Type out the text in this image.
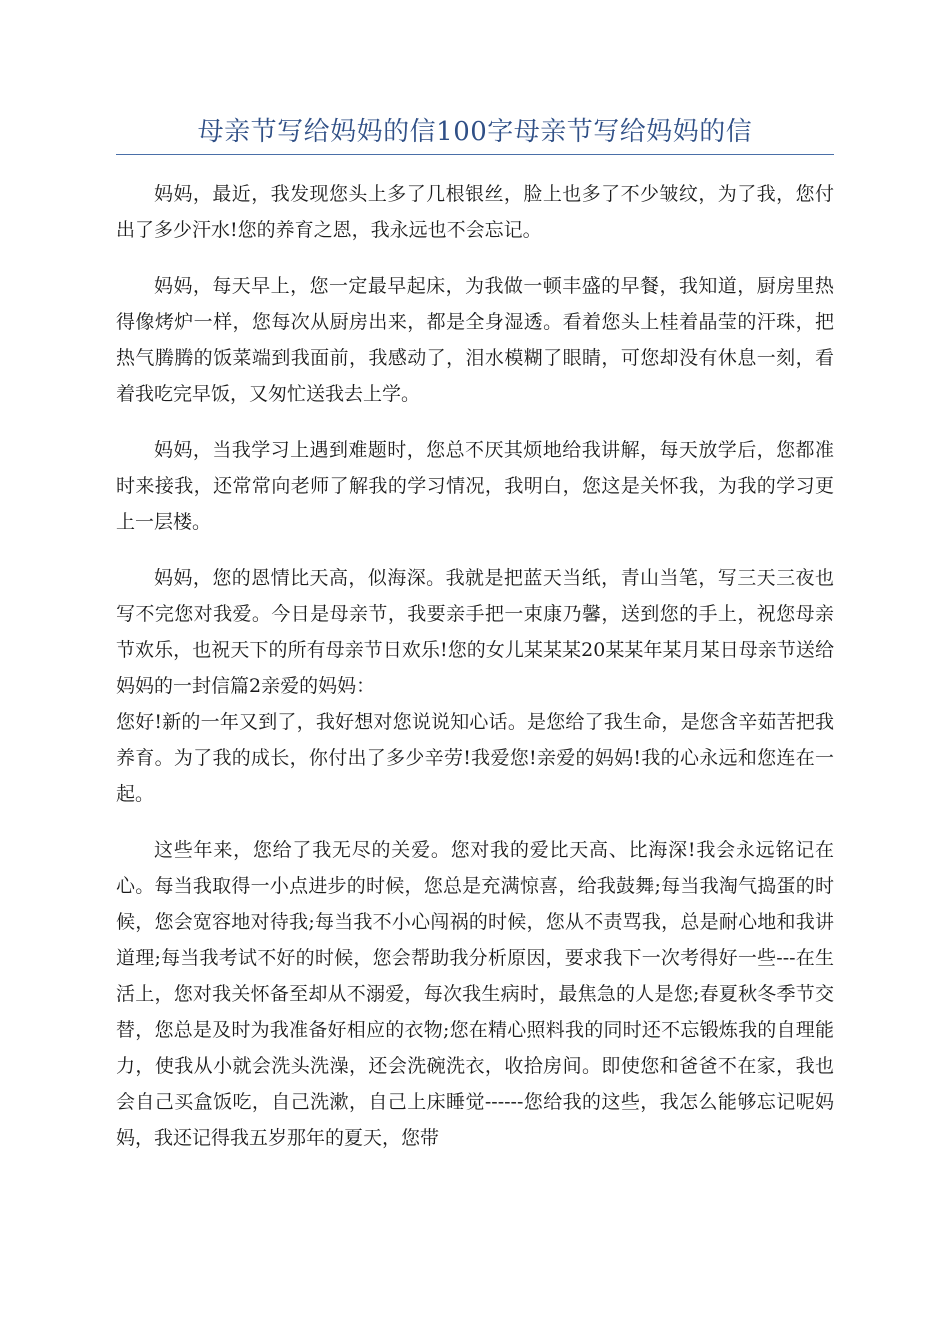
母亲节写给妈妈的信100字母亲节写给妈妈的信

妈妈，最近，我发现您头上多了几根银丝，脸上也多了不少皱纹，为了我，您付出了多少汗水!您的养育之恩，我永远也不会忘记。

妈妈，每天早上，您一定最早起床，为我做一顿丰盛的早餐，我知道，厨房里热得像烤炉一样，您每次从厨房出来，都是全身湿透。看着您头上桂着晶莹的汗珠，把热气腾腾的饭菜端到我面前，我感动了，泪水模糊了眼睛，可您却没有休息一刻，看着我吃完早饭，又匆忙送我去上学。

妈妈，当我学习上遇到难题时，您总不厌其烦地给我讲解，每天放学后，您都准时来接我，还常常向老师了解我的学习情况，我明白，您这是关怀我，为我的学习更上一层楼。

妈妈，您的恩情比天高，似海深。我就是把蓝天当纸，青山当笔，写三天三夜也写不完您对我爱。今日是母亲节，我要亲手把一束康乃馨，送到您的手上，祝您母亲节欢乐，也祝天下的所有母亲节日欢乐!您的女儿某某某20某某年某月某日母亲节送给妈妈的一封信篇2亲爱的妈妈：

您好!新的一年又到了，我好想对您说说知心话。是您给了我生命，是您含辛茹苦把我养育。为了我的成长，你付出了多少辛劳!我爱您!亲爱的妈妈!我的心永远和您连在一起。

这些年来，您给了我无尽的关爱。您对我的爱比天高、比海深!我会永远铭记在心。每当我取得一小点进步的时候，您总是充满惊喜，给我鼓舞;每当我淘气捣蛋的时候，您会宽容地对待我;每当我不小心闯祸的时候，您从不责骂我，总是耐心地和我讲道理;每当我考试不好的时候，您会帮助我分析原因，要求我下一次考得好一些---在生活上，您对我关怀备至却从不溺爱，每次我生病时，最焦急的人是您;春夏秋冬季节交替，您总是及时为我准备好相应的衣物;您在精心照料我的同时还不忘锻炼我的自理能力，使我从小就会洗头洗澡，还会洗碗洗衣，收拾房间。即使您和爸爸不在家，我也会自己买盒饭吃，自己洗漱，自己上床睡觉------您给我的这些，我怎么能够忘记呢妈妈，我还记得我五岁那年的夏天，您带
